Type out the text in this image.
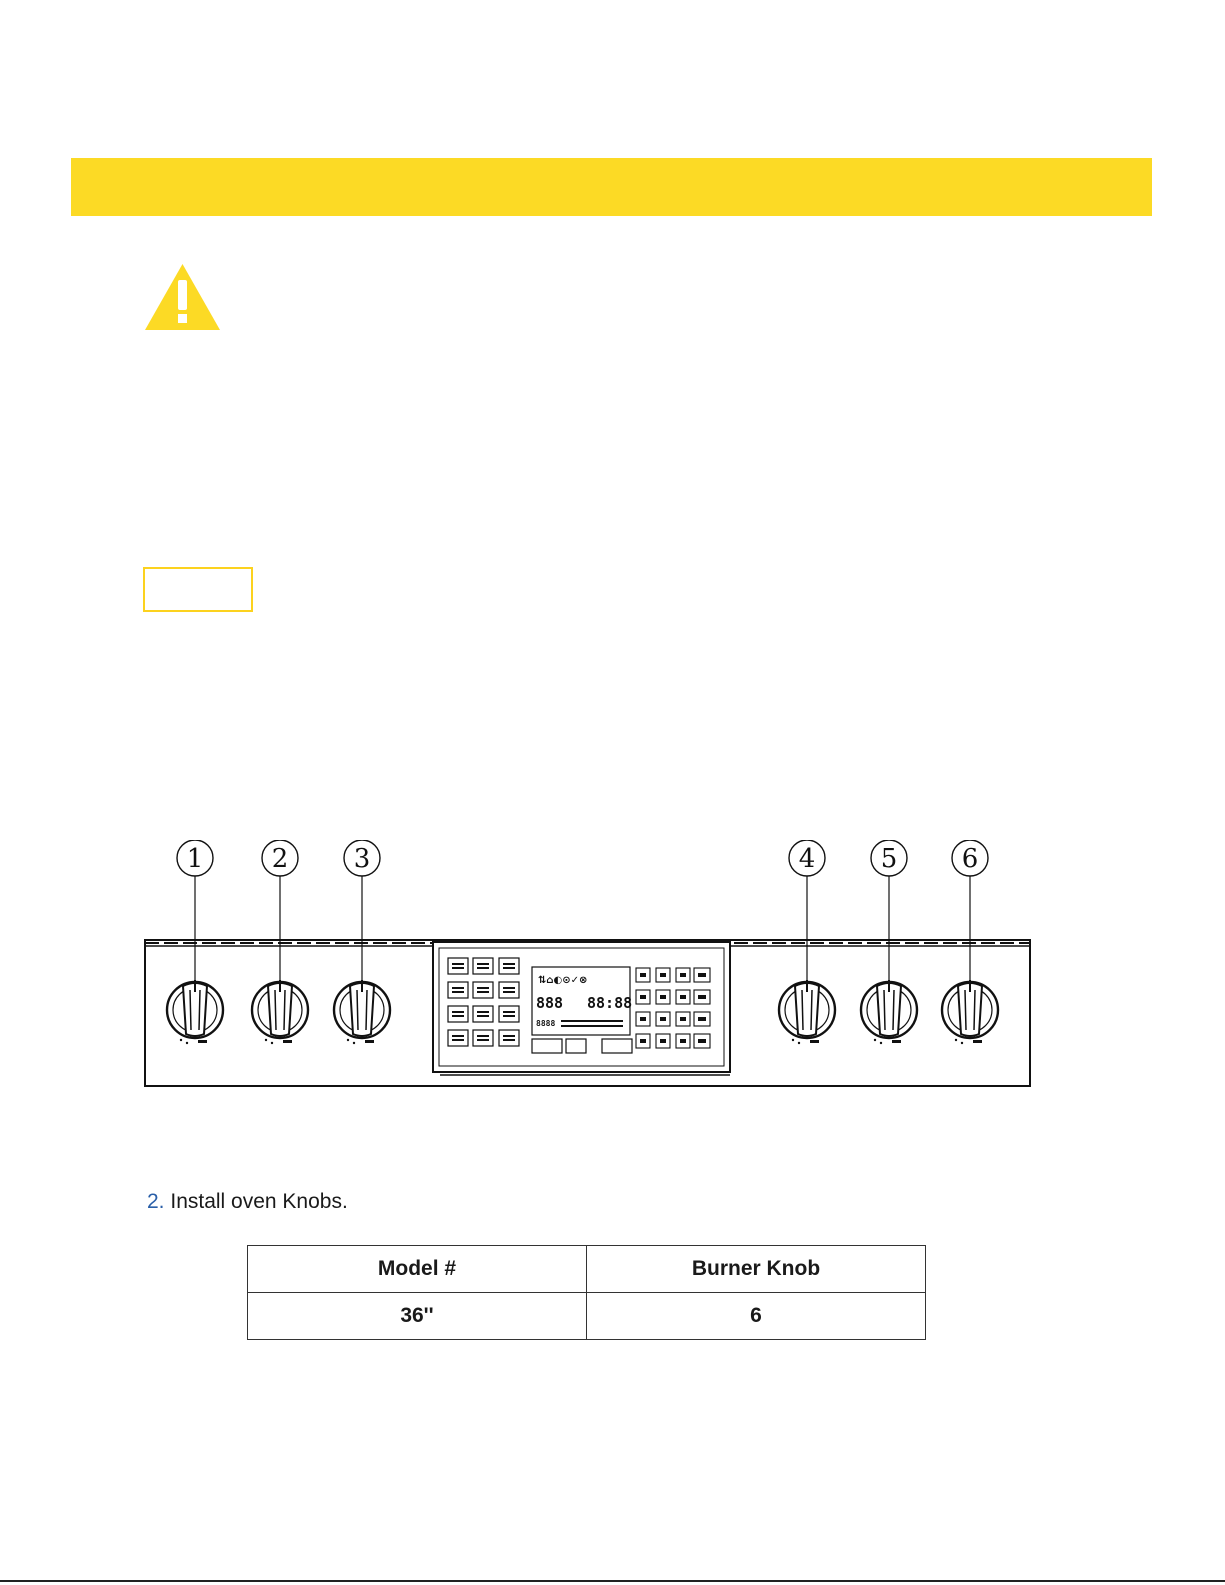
1	2	3	4	5 6
⇅⌂◐⊙✓⊗
888 88:88
8888
2. Install oven Knobs.
Model #	Burner Knob
36''	6
